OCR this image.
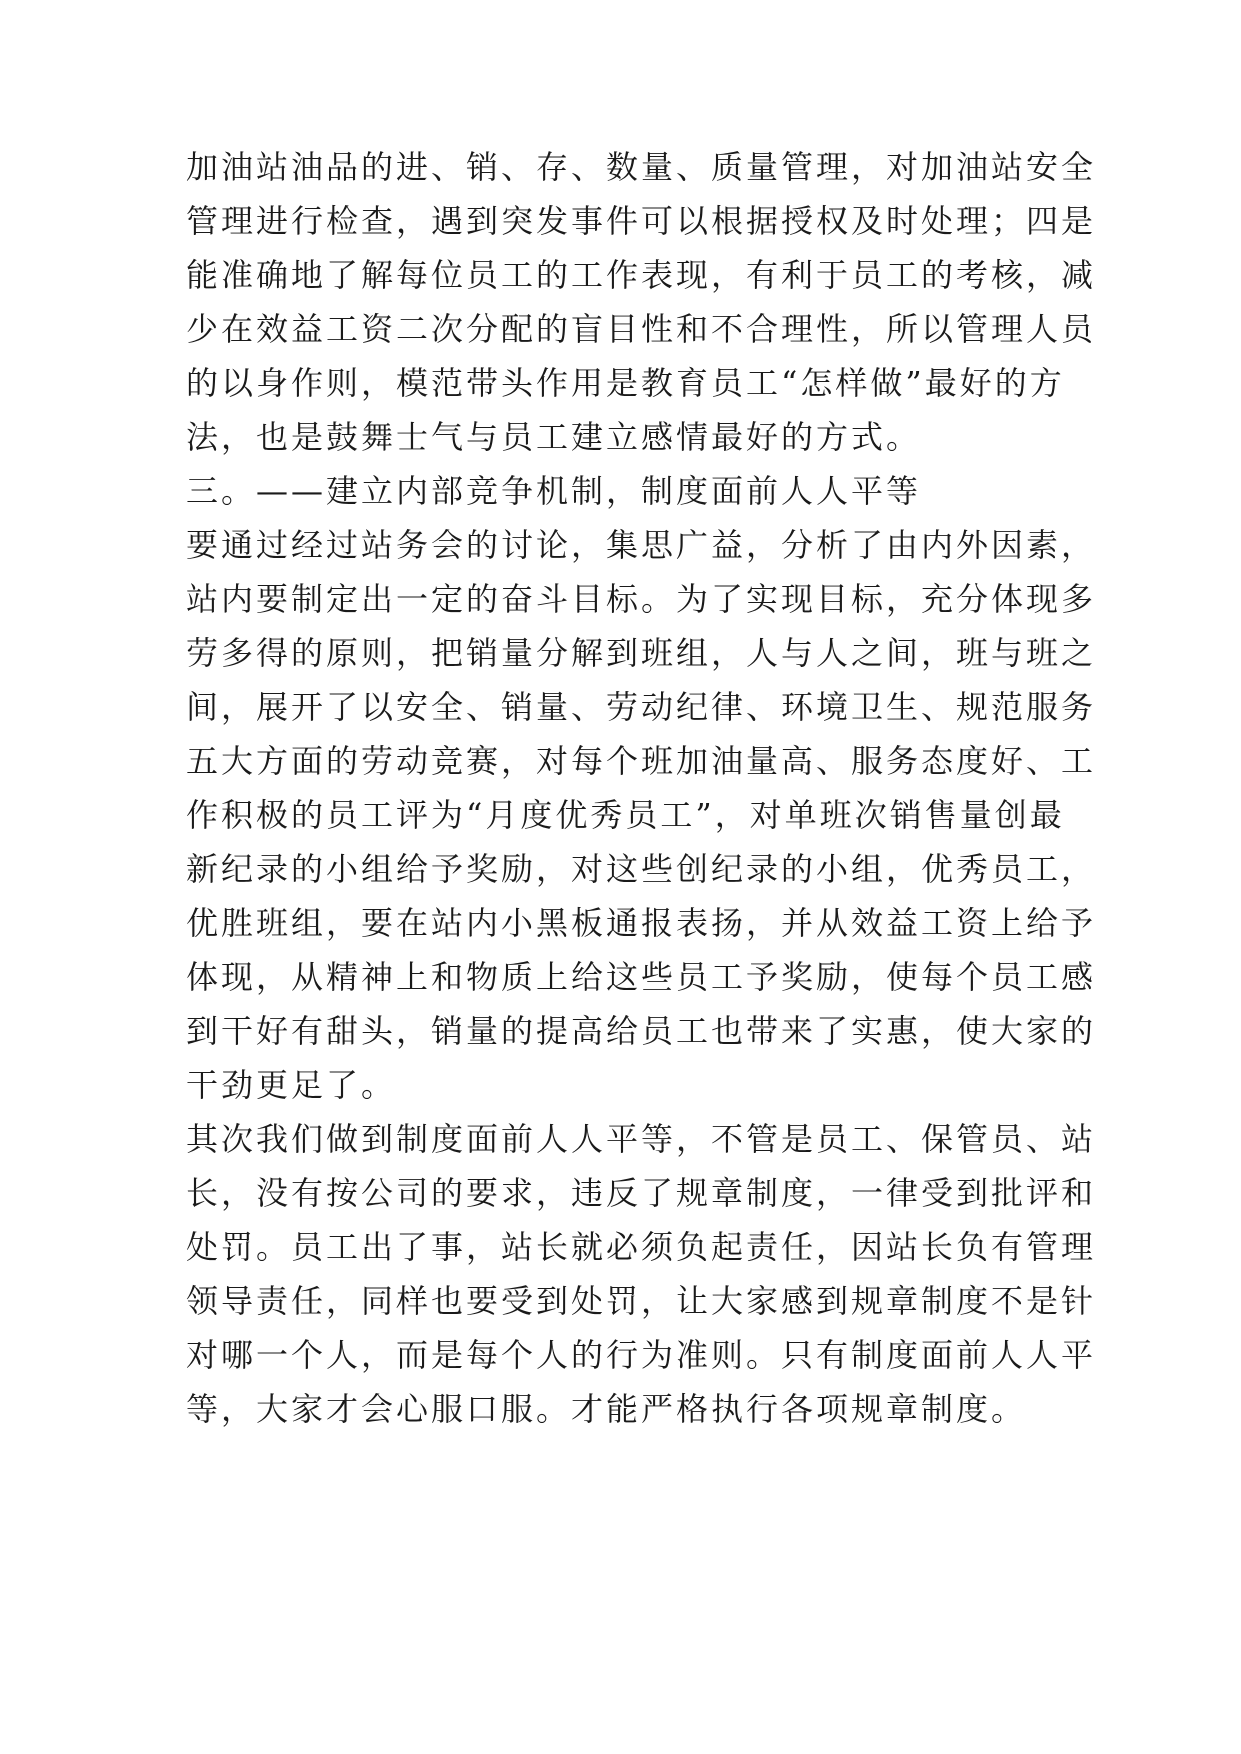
加油站油品的进、销、存、数量、质量管理，对加油站安全
管理进行检查，遇到突发事件可以根据授权及时处理；四是
能准确地了解每位员工的工作表现，有利于员工的考核，减
少在效益工资二次分配的盲目性和不合理性，所以管理人员
的以身作则，模范带头作用是教育员工“怎样做”最好的方
法，也是鼓舞士气与员工建立感情最好的方式。
三。——建立内部竞争机制，制度面前人人平等
要通过经过站务会的讨论，集思广益，分析了由内外因素，
站内要制定出一定的奋斗目标。为了实现目标，充分体现多
劳多得的原则，把销量分解到班组，人与人之间，班与班之
间，展开了以安全、销量、劳动纪律、环境卫生、规范服务
五大方面的劳动竞赛，对每个班加油量高、服务态度好、工
作积极的员工评为“月度优秀员工”，对单班次销售量创最
新纪录的小组给予奖励，对这些创纪录的小组，优秀员工，
优胜班组，要在站内小黑板通报表扬，并从效益工资上给予
体现，从精神上和物质上给这些员工予奖励，使每个员工感
到干好有甜头，销量的提高给员工也带来了实惠，使大家的
干劲更足了。
其次我们做到制度面前人人平等，不管是员工、保管员、站
长，没有按公司的要求，违反了规章制度，一律受到批评和
处罚。员工出了事，站长就必须负起责任，因站长负有管理
领导责任，同样也要受到处罚，让大家感到规章制度不是针
对哪一个人，而是每个人的行为准则。只有制度面前人人平
等，大家才会心服口服。才能严格执行各项规章制度。
